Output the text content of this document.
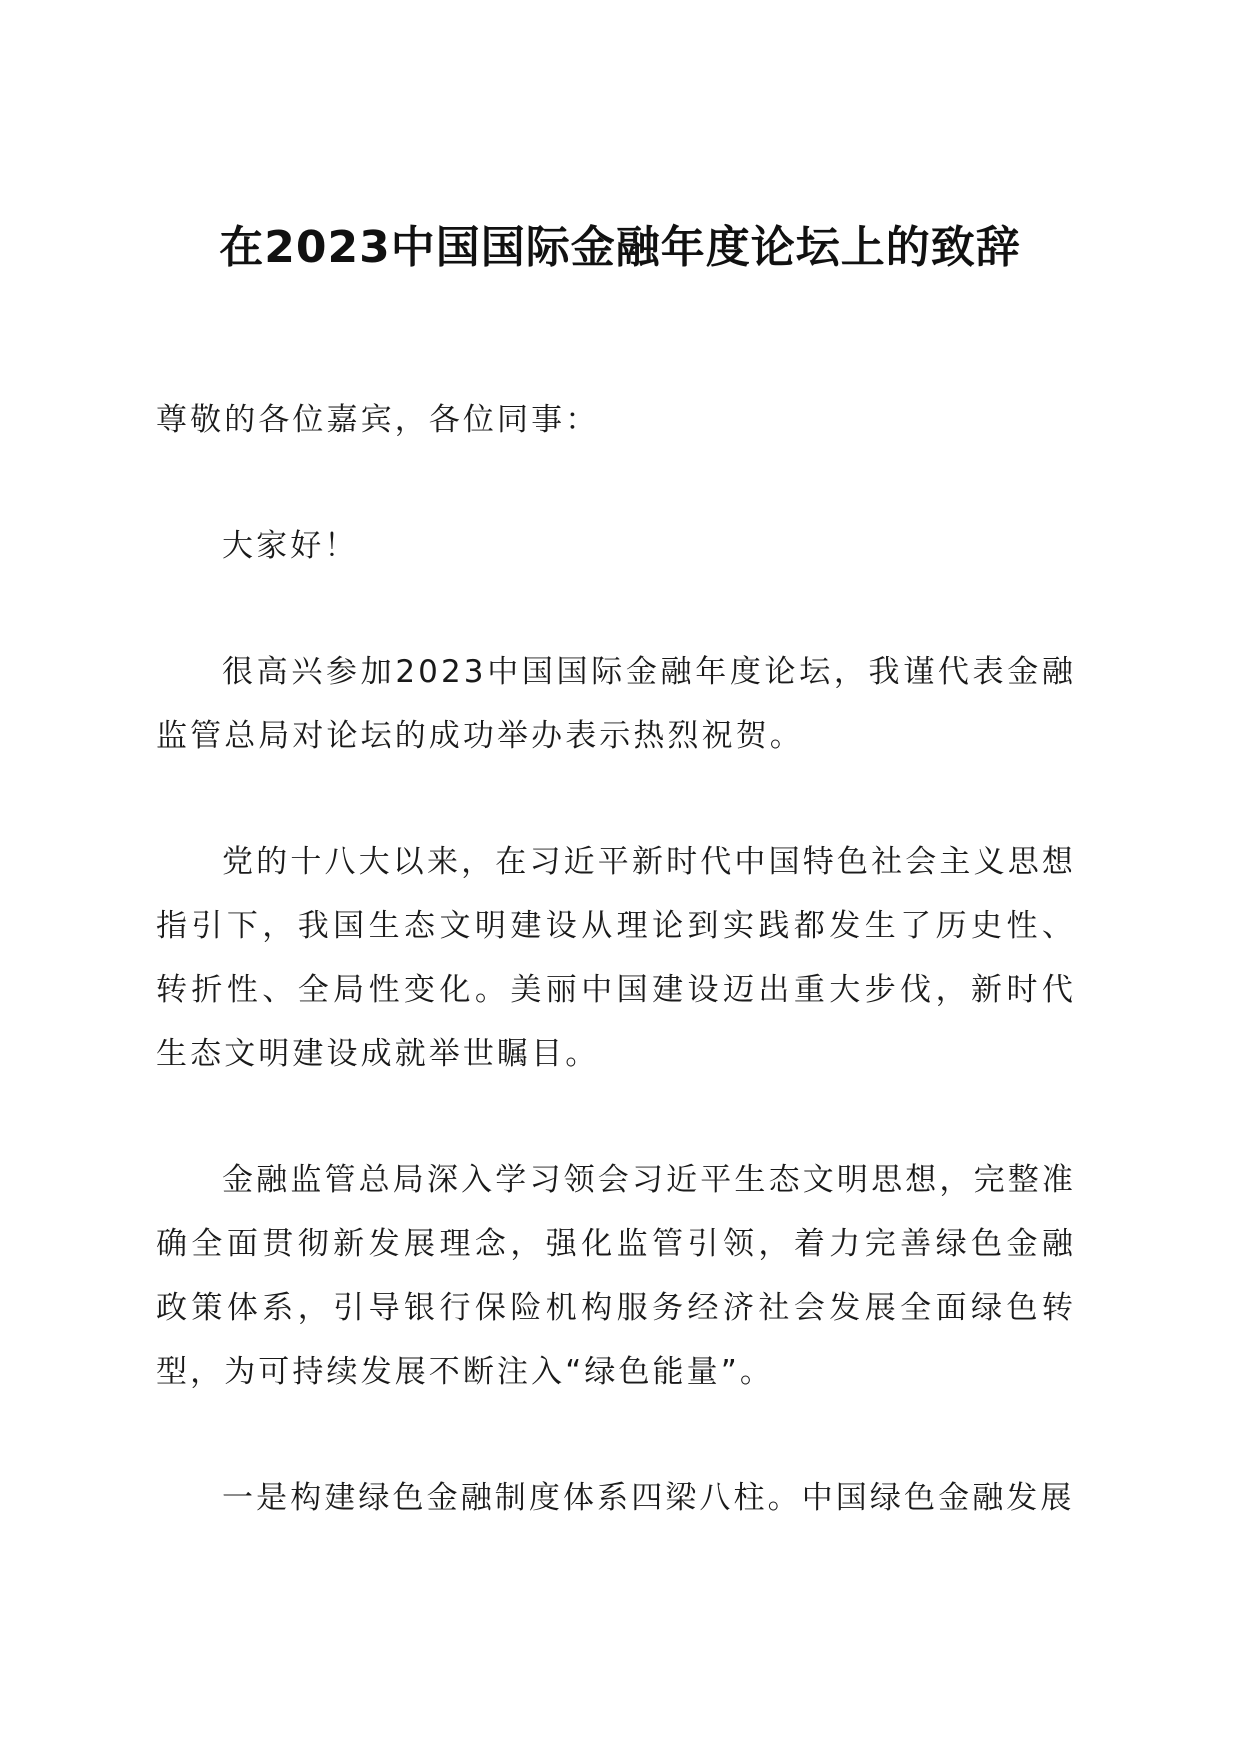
在2023中国国际金融年度论坛上的致辞

尊敬的各位嘉宾，各位同事：

大家好！

很高兴参加2023中国国际金融年度论坛，我谨代表金融监管总局对论坛的成功举办表示热烈祝贺。

党的十八大以来，在习近平新时代中国特色社会主义思想指引下，我国生态文明建设从理论到实践都发生了历史性、转折性、全局性变化。美丽中国建设迈出重大步伐，新时代生态文明建设成就举世瞩目。

金融监管总局深入学习领会习近平生态文明思想，完整准确全面贯彻新发展理念，强化监管引领，着力完善绿色金融政策体系，引导银行保险机构服务经济社会发展全面绿色转型，为可持续发展不断注入“绿色能量”。

一是构建绿色金融制度体系四梁八柱。中国绿色金融发展
